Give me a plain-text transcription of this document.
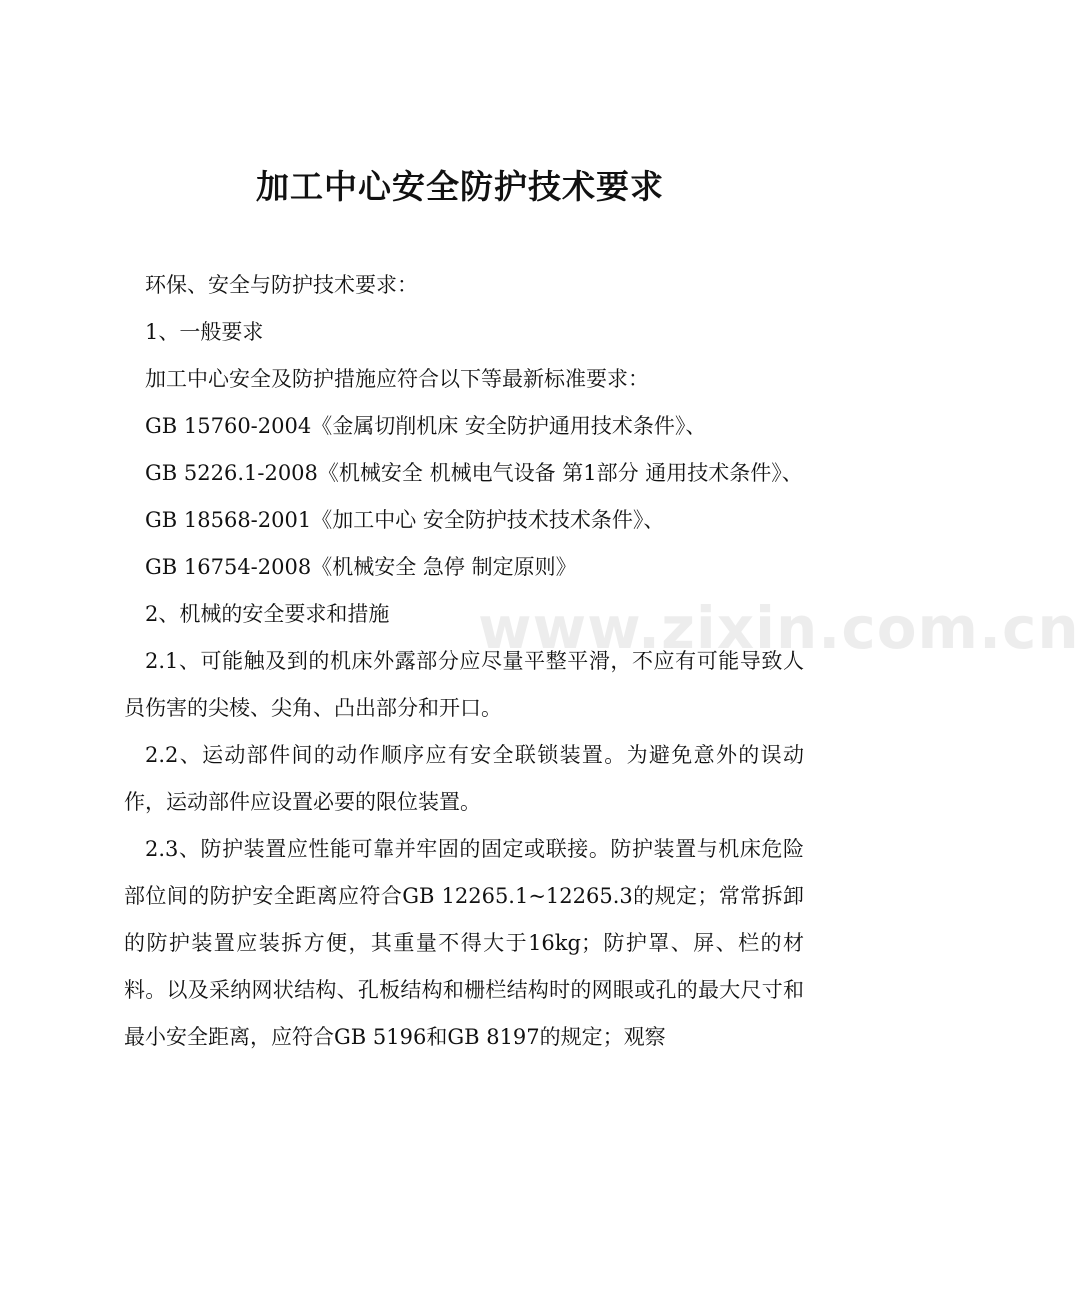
加工中心安全防护技术要求

环保、安全与防护技术要求：

1、一般要求

加工中心安全及防护措施应符合以下等最新标准要求：

GB 15760-2004《金属切削机床 安全防护通用技术条件》、

GB 5226.1-2008《机械安全 机械电气设备 第1部分 通用技术条件》、

GB 18568-2001《加工中心 安全防护技术技术条件》、

GB 16754-2008《机械安全 急停 制定原则》

2、机械的安全要求和措施

2.1、可能触及到的机床外露部分应尽量平整平滑，不应有可能导致人员伤害的尖棱、尖角、凸出部分和开口。

2.2、运动部件间的动作顺序应有安全联锁装置。为避免意外的误动作，运动部件应设置必要的限位装置。

2.3、防护装置应性能可靠并牢固的固定或联接。防护装置与机床危险部位间的防护安全距离应符合GB 12265.1~12265.3的规定；常常拆卸的防护装置应装拆方便，其重量不得大于16kg；防护罩、屏、栏的材料。以及采纳网状结构、孔板结构和栅栏结构时的网眼或孔的最大尺寸和最小安全距离，应符合GB 5196和GB 8197的规定；观察

www.zixin.com.cn
